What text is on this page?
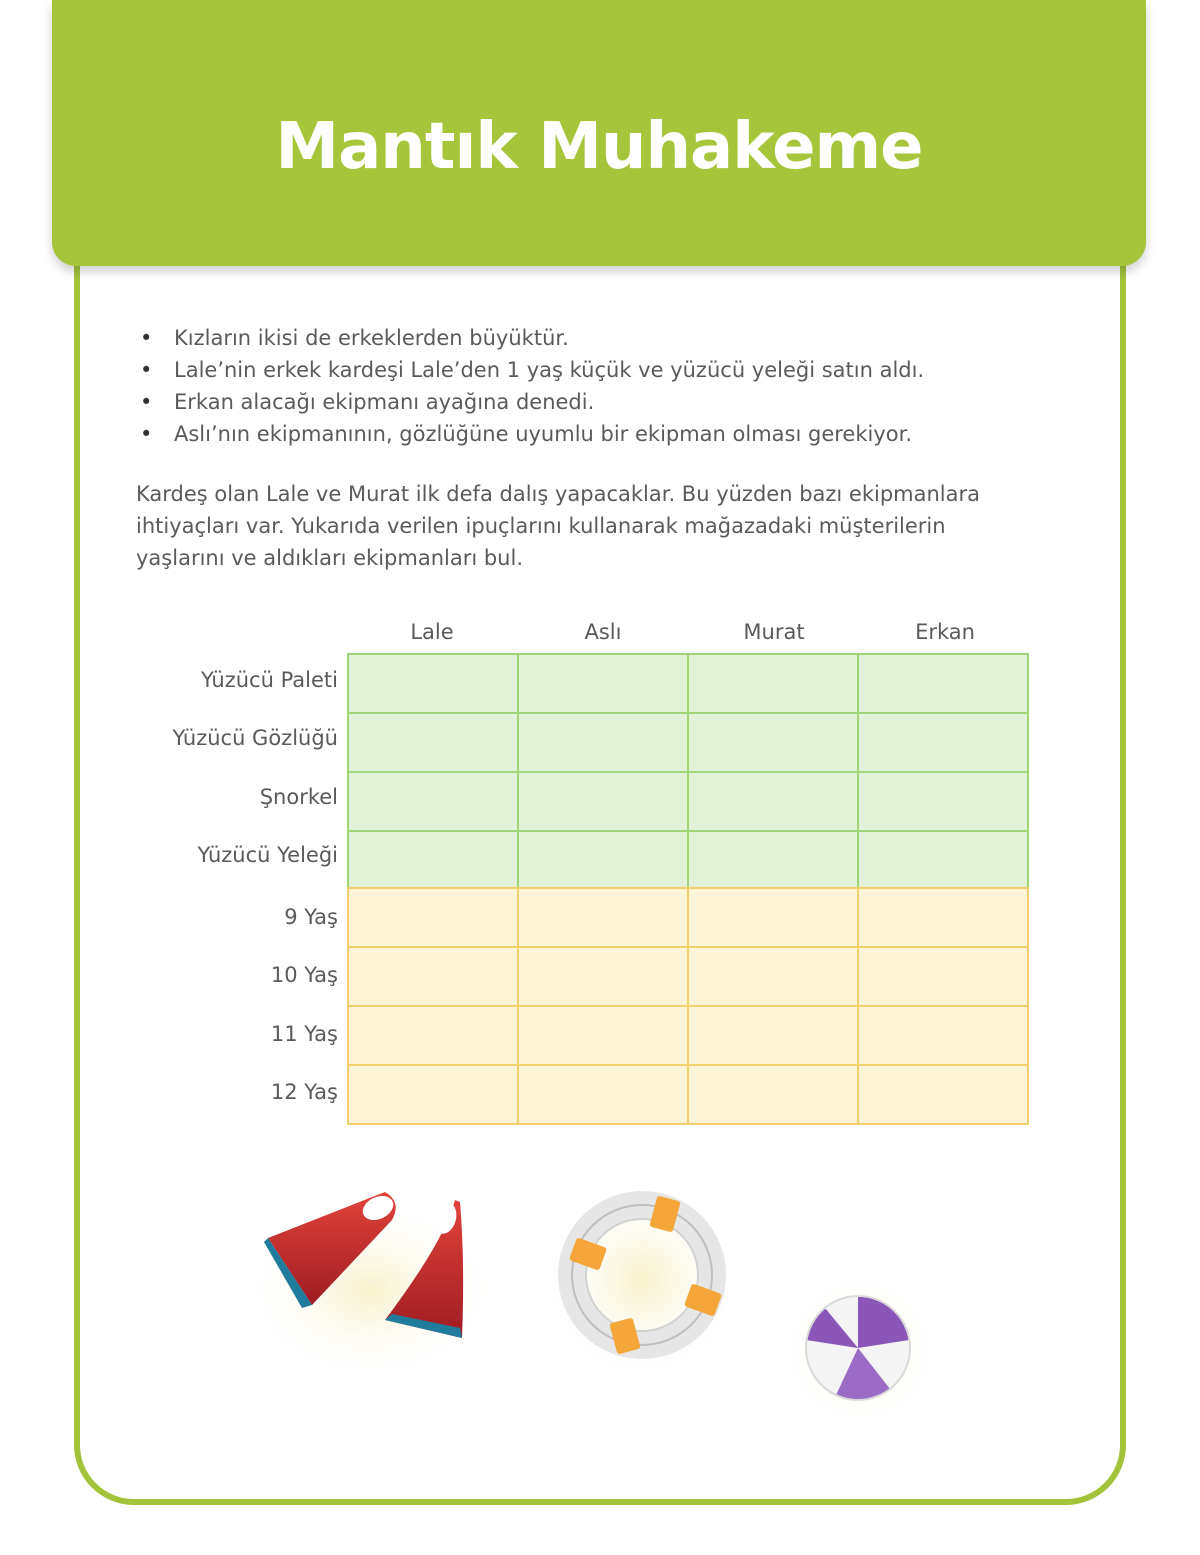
Mantık Muhakeme
• Kızların ikisi de erkeklerden büyüktür.
• Lale’nin erkek kardeşi Lale’den 1 yaş küçük ve yüzücü yeleği satın aldı.
• Erkan alacağı ekipmanı ayağına denedi.
• Aslı’nın ekipmanının, gözlüğüne uyumlu bir ekipman olması gerekiyor.

Kardeş olan Lale ve Murat ilk defa dalış yapacaklar. Bu yüzden bazı ekipmanlara
ihtiyaçları var. Yukarıda verilen ipuçlarını kullanarak mağazadaki müşterilerin
yaşlarını ve aldıkları ekipmanları bul.

Lale	Aslı	Murat	Erkan
Yüzücü Paleti
Yüzücü Gözlüğü
Şnorkel
Yüzücü Yeleği
9 Yaş
10 Yaş
11 Yaş
12 Yaş
